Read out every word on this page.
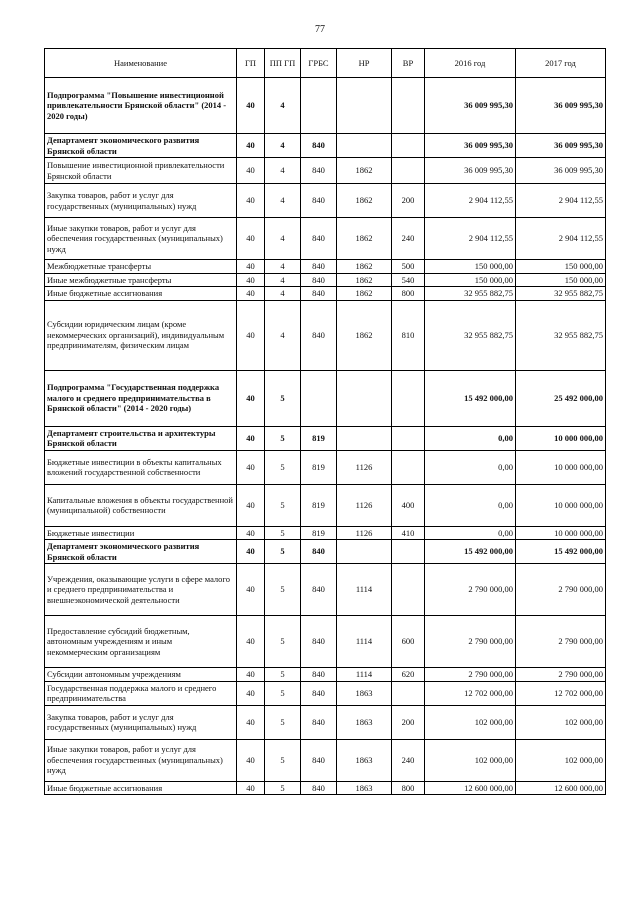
77
Наименование	ГП	ПП ГП	ГРБС	НР	ВР	2016 год	2017 год
Подпрограмма "Повышение инвестиционной привлекательности Брянской области" (2014 - 2020 годы)	40	4				36 009 995,30	36 009 995,30
Департамент экономического развития Брянской области	40	4	840			36 009 995,30	36 009 995,30
Повышение инвестиционной привлекательности Брянской области	40	4	840	1862		36 009 995,30	36 009 995,30
Закупка товаров, работ и услуг для государственных (муниципальных) нужд	40	4	840	1862	200	2 904 112,55	2 904 112,55
Иные закупки товаров, работ и услуг для обеспечения государственных (муниципальных) нужд	40	4	840	1862	240	2 904 112,55	2 904 112,55
Межбюджетные трансферты	40	4	840	1862	500	150 000,00	150 000,00
Иные межбюджетные трансферты	40	4	840	1862	540	150 000,00	150 000,00
Иные бюджетные ассигнования	40	4	840	1862	800	32 955 882,75	32 955 882,75
Субсидии юридическим лицам (кроме некоммерческих организаций), индивидуальным предпринимателям, физическим лицам	40	4	840	1862	810	32 955 882,75	32 955 882,75
Подпрограмма "Государственная поддержка малого и среднего предпринимательства в Брянской области" (2014 - 2020 годы)	40	5				15 492 000,00	25 492 000,00
Департамент строительства и архитектуры Брянской области	40	5	819			0,00	10 000 000,00
Бюджетные инвестиции в объекты капитальных вложений государственной собственности	40	5	819	1126		0,00	10 000 000,00
Капитальные вложения в объекты государственной (муниципальной) собственности	40	5	819	1126	400	0,00	10 000 000,00
Бюджетные инвестиции	40	5	819	1126	410	0,00	10 000 000,00
Департамент экономического развития Брянской области	40	5	840			15 492 000,00	15 492 000,00
Учреждения, оказывающие услуги в сфере малого и среднего предпринимательства и внешнеэкономической деятельности	40	5	840	1114		2 790 000,00	2 790 000,00
Предоставление субсидий бюджетным, автономным учреждениям и иным некоммерческим организациям	40	5	840	1114	600	2 790 000,00	2 790 000,00
Субсидии автономным учреждениям	40	5	840	1114	620	2 790 000,00	2 790 000,00
Государственная поддержка малого и среднего предпринимательства	40	5	840	1863		12 702 000,00	12 702 000,00
Закупка товаров, работ и услуг для государственных (муниципальных) нужд	40	5	840	1863	200	102 000,00	102 000,00
Иные закупки товаров, работ и услуг для обеспечения государственных (муниципальных) нужд	40	5	840	1863	240	102 000,00	102 000,00
Иные бюджетные ассигнования	40	5	840	1863	800	12 600 000,00	12 600 000,00
